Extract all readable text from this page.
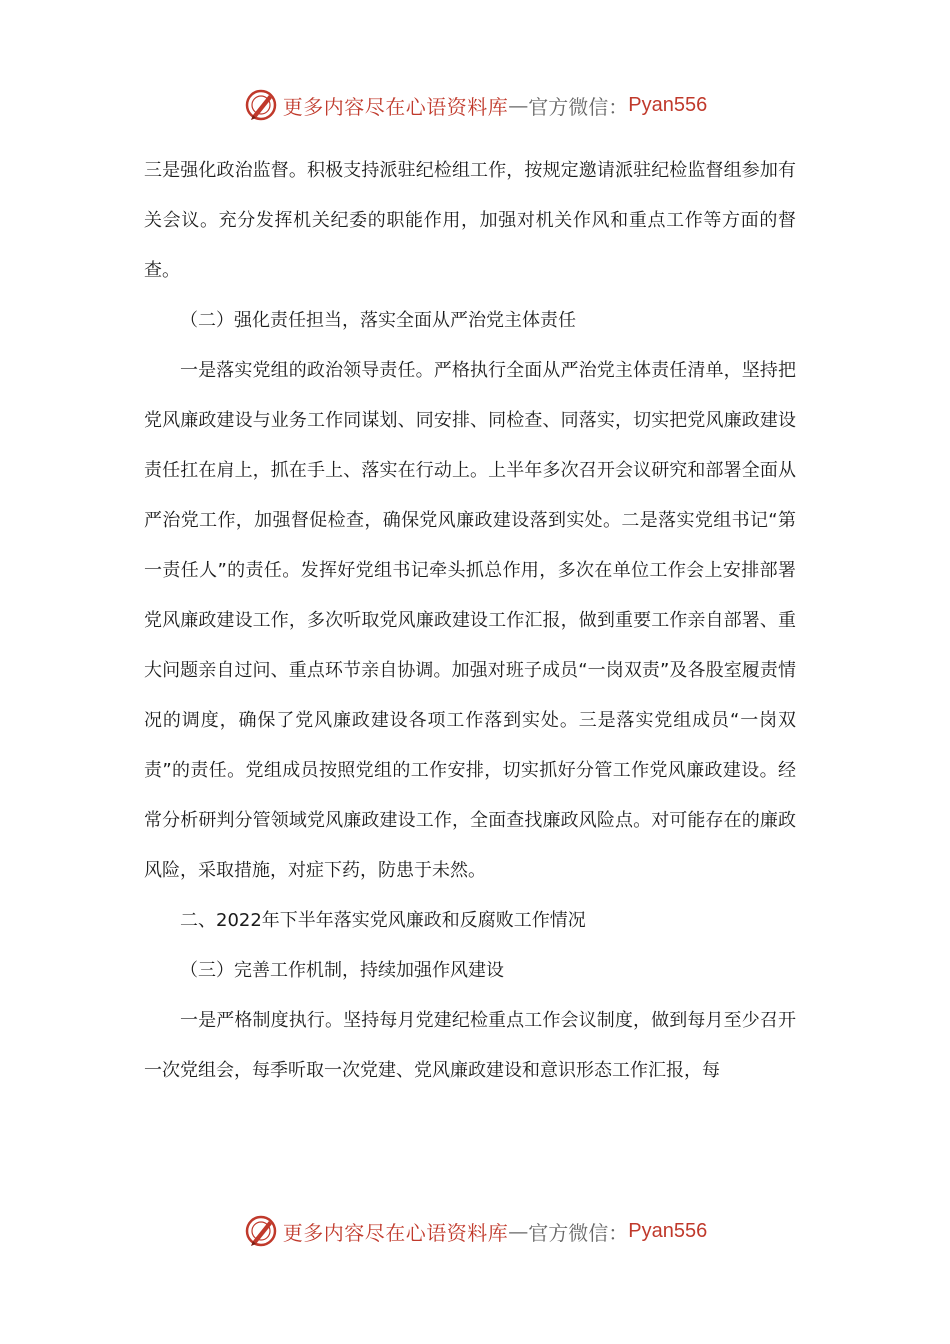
更多内容尽在心语资料库 — 官方微信： Pyan556

三是强化政治监督。积极支持派驻纪检组工作，按规定邀请派驻纪检监督组参加有关会议。充分发挥机关纪委的职能作用，加强对机关作风和重点工作等方面的督查。

（二）强化责任担当，落实全面从严治党主体责任

一是落实党组的政治领导责任。严格执行全面从严治党主体责任清单，坚持把党风廉政建设与业务工作同谋划、同安排、同检查、同落实，切实把党风廉政建设责任扛在肩上，抓在手上、落实在行动上。上半年多次召开会议研究和部署全面从严治党工作，加强督促检查，确保党风廉政建设落到实处。二是落实党组书记“第一责任人”的责任。发挥好党组书记牵头抓总作用，多次在单位工作会上安排部署党风廉政建设工作，多次听取党风廉政建设工作汇报，做到重要工作亲自部署、重大问题亲自过问、重点环节亲自协调。加强对班子成员“一岗双责”及各股室履责情况的调度，确保了党风廉政建设各项工作落到实处。三是落实党组成员“一岗双责”的责任。党组成员按照党组的工作安排，切实抓好分管工作党风廉政建设。经常分析研判分管领域党风廉政建设工作，全面查找廉政风险点。对可能存在的廉政风险，采取措施，对症下药，防患于未然。

二、2022年下半年落实党风廉政和反腐败工作情况

（三）完善工作机制，持续加强作风建设

一是严格制度执行。坚持每月党建纪检重点工作会议制度，做到每月至少召开一次党组会，每季听取一次党建、党风廉政建设和意识形态工作汇报，每

更多内容尽在心语资料库 — 官方微信： Pyan556
